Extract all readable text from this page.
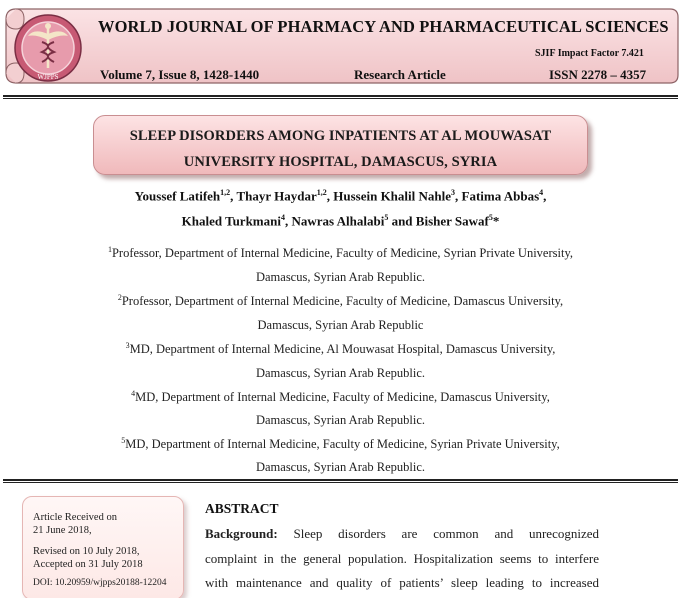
WJPPS
WORLD JOURNAL OF PHARMACY AND PHARMACEUTICAL SCIENCES
SJIF Impact Factor 7.421
Volume 7, Issue 8, 1428-1440	Research Article	ISSN 2278 – 4357
SLEEP DISORDERS AMONG INPATIENTS AT AL MOUWASAT
UNIVERSITY HOSPITAL, DAMASCUS, SYRIA
Youssef Latifeh$^{1,2}$, Thayr Haydar$^{1,2}$, Hussein Khalil Nahle$^3$, Fatima Abbas$^4$,
Khaled Turkmani$^4$, Nawras Alhalabi$^5$ and Bisher Sawaf$^5$*
$^1$Professor, Department of Internal Medicine, Faculty of Medicine, Syrian Private University,
Damascus, Syrian Arab Republic.
$^2$Professor, Department of Internal Medicine, Faculty of Medicine, Damascus University,
Damascus, Syrian Arab Republic
$^3$MD, Department of Internal Medicine, Al Mouwasat Hospital, Damascus University,
Damascus, Syrian Arab Republic.
$^4$MD, Department of Internal Medicine, Faculty of Medicine, Damascus University,
Damascus, Syrian Arab Republic.
$^5$MD, Department of Internal Medicine, Faculty of Medicine, Syrian Private University,
Damascus, Syrian Arab Republic.
Article Received on
21 June 2018,
Revised on 10 July 2018,
Accepted on 31 July 2018
DOI: 10.20959/wjpps20188-12204
ABSTRACT
Background: Sleep disorders are common and unrecognized
complaint in the general population. Hospitalization seems to interfere
with maintenance and quality of patients’ sleep leading to increased
